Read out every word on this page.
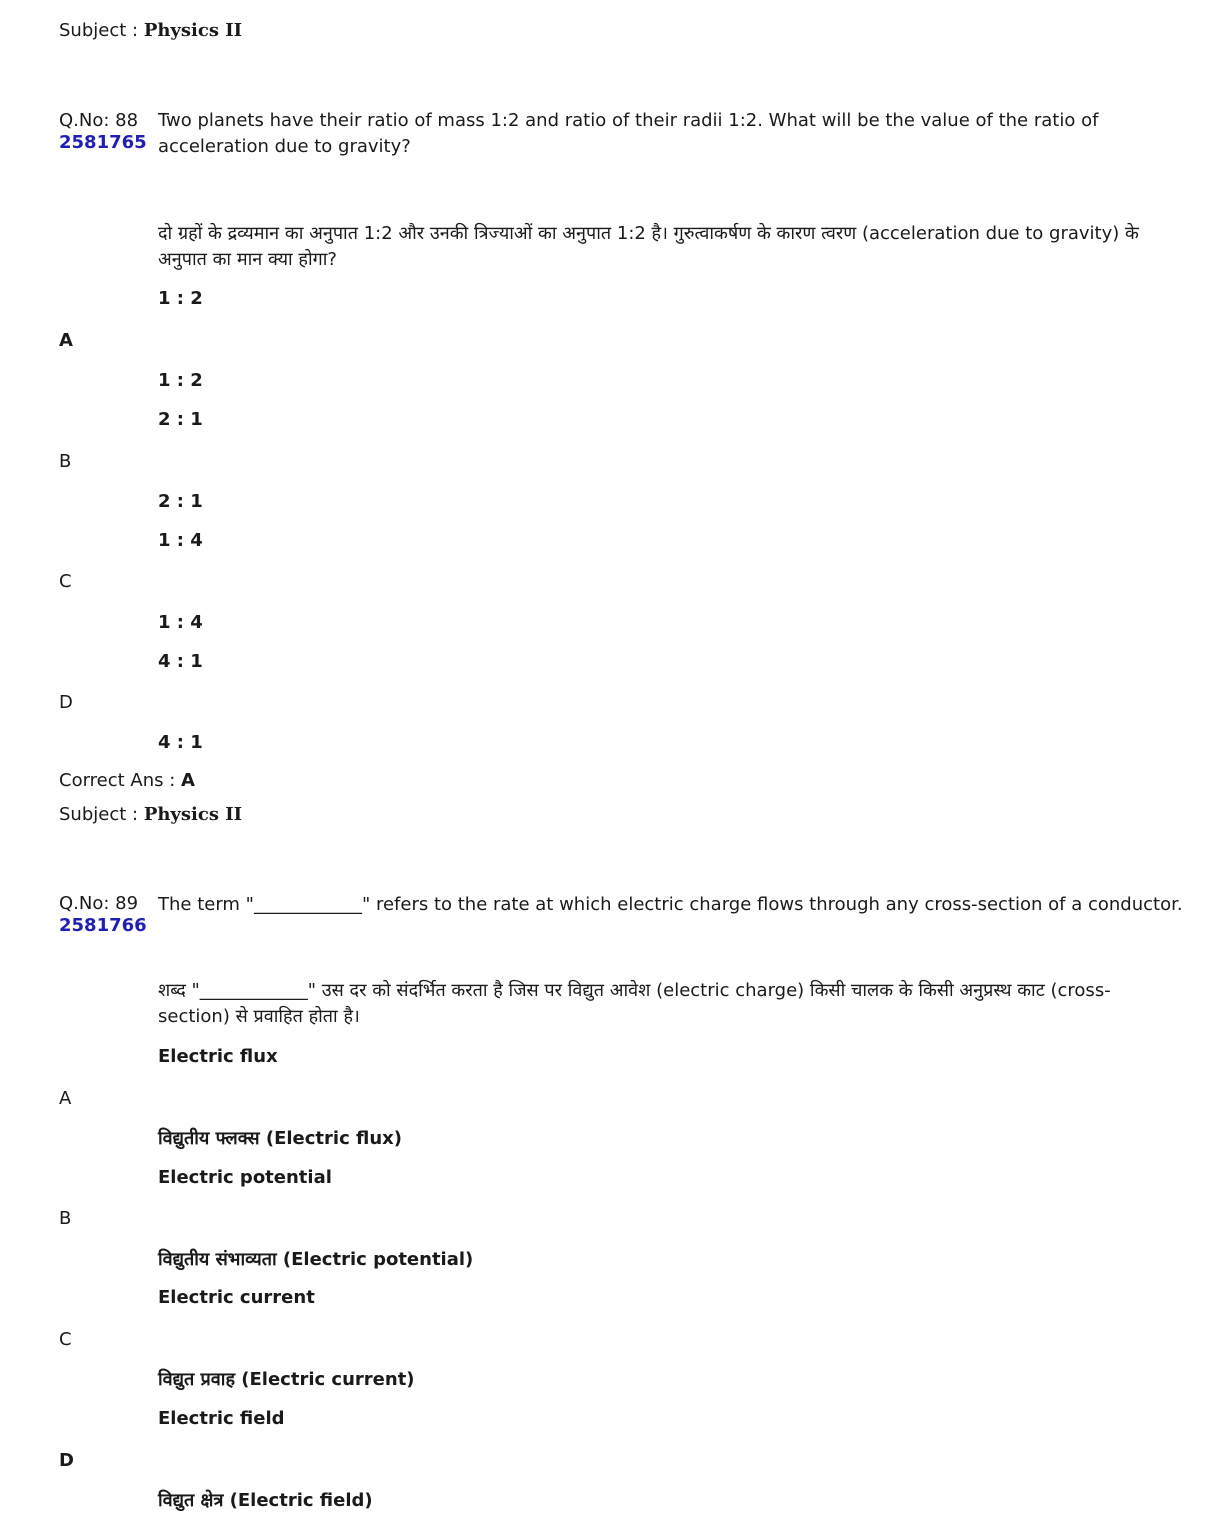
Subject : Physics II
Q.No: 88
2581765
Two planets have their ratio of mass 1:2 and ratio of their radii 1:2. What will be the value of the ratio of acceleration due to gravity?
दो ग्रहों के द्रव्यमान का अनुपात 1:2 और उनकी त्रिज्याओं का अनुपात 1:2 है। गुरुत्वाकर्षण के कारण त्वरण (acceleration due to gravity) के अनुपात का मान क्या होगा?
1 : 2
A
1 : 2
2 : 1
B
2 : 1
1 : 4
C
1 : 4
4 : 1
D
4 : 1
Correct Ans : A
Subject : Physics II
Q.No: 89
2581766
The term "____________" refers to the rate at which electric charge flows through any cross-section of a conductor.
शब्द "____________" उस दर को संदर्भित करता है जिस पर विद्युत आवेश (electric charge) किसी चालक के किसी अनुप्रस्थ काट (cross-section) से प्रवाहित होता है।
Electric flux
A
विद्युतीय फ्लक्स (Electric flux)
Electric potential
B
विद्युतीय संभाव्यता (Electric potential)
Electric current
C
विद्युत प्रवाह (Electric current)
Electric field
D
विद्युत क्षेत्र (Electric field)
